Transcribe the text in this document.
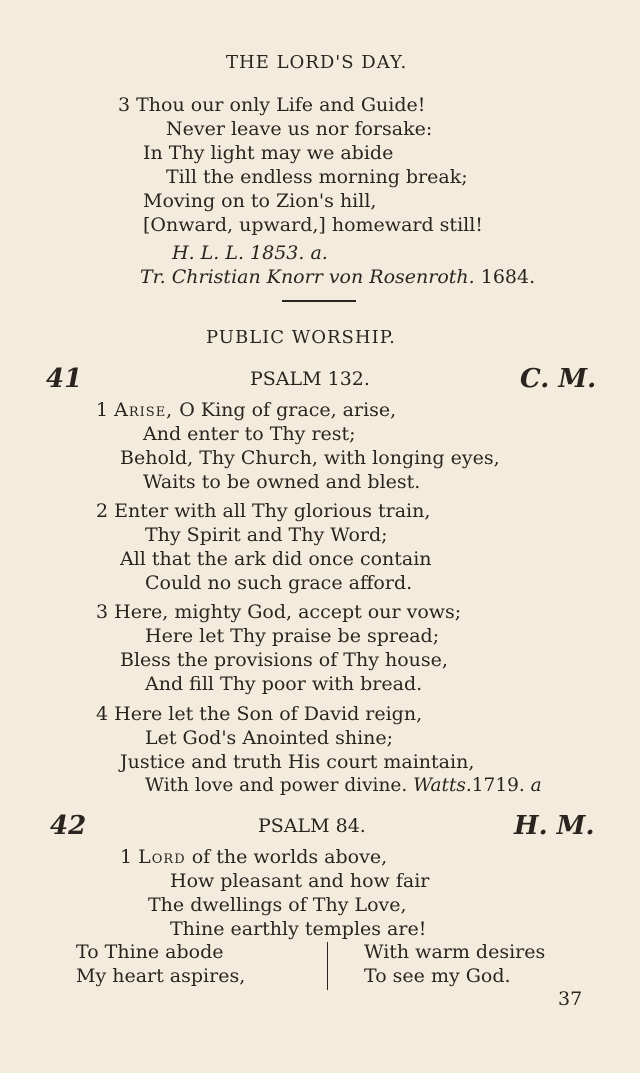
THE LORD'S DAY.
3 Thou our only Life and Guide!
Never leave us nor forsake:
In Thy light may we abide
Till the endless morning break;
Moving on to Zion's hill,
[Onward, upward,] homeward still!
H. L. L. 1853. a.
Tr. Christian Knorr von Rosenroth. 1684.
PUBLIC WORSHIP.
41	PSALM 132.	C. M.
1 Arise, O King of grace, arise,
And enter to Thy rest;
Behold, Thy Church, with longing eyes,
Waits to be owned and blest.
2 Enter with all Thy glorious train,
Thy Spirit and Thy Word;
All that the ark did once contain
Could no such grace afford.
3 Here, mighty God, accept our vows;
Here let Thy praise be spread;
Bless the provisions of Thy house,
And fill Thy poor with bread.
4 Here let the Son of David reign,
Let God's Anointed shine;
Justice and truth His court maintain,
With love and power divine. Watts.1719. a
42	PSALM 84.	H. M.
1 Lord of the worlds above,
How pleasant and how fair
The dwellings of Thy Love,
Thine earthly temples are!
To Thine abode
My heart aspires,
With warm desires
To see my God.
37
